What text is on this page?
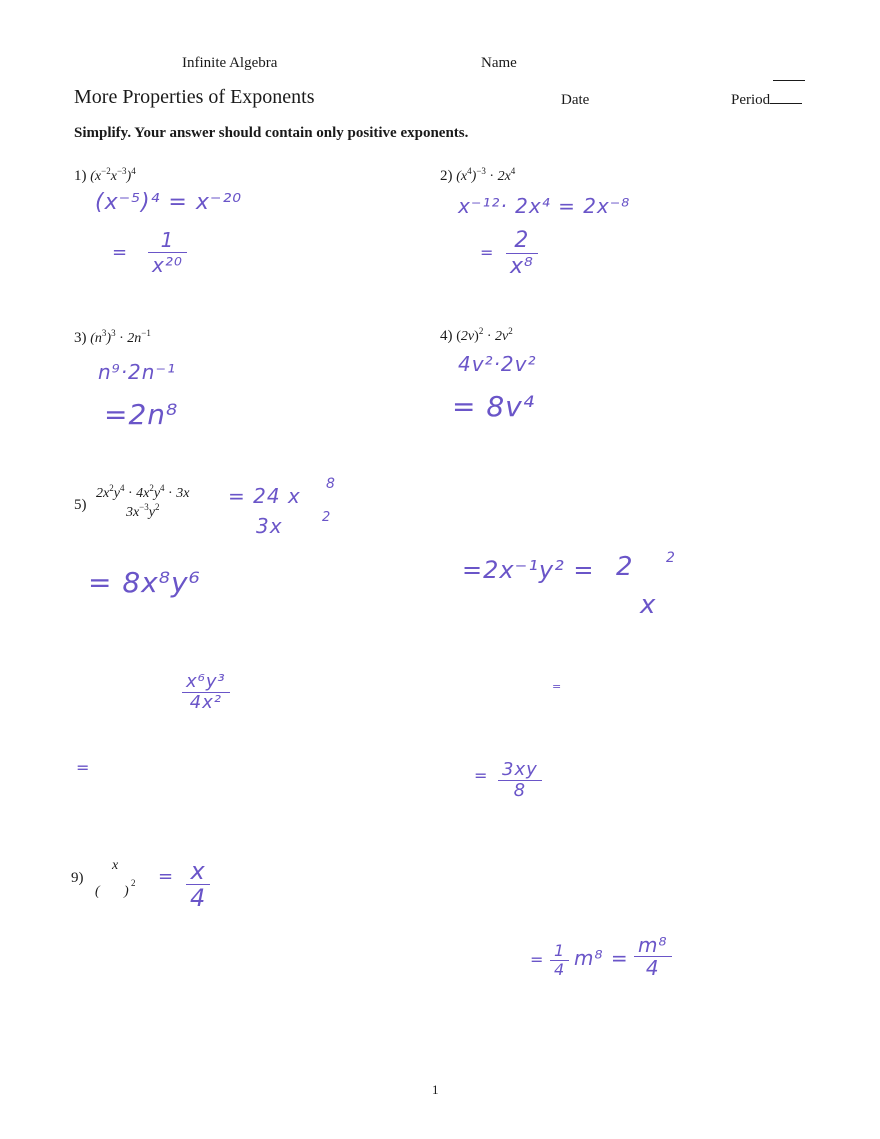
Infinite Algebra	Name
More Properties of Exponents	Date	Period
Simplify. Your answer should contain only positive exponents.
1) $(x^{-2}x^{-3})^4$
(x⁻⁵)⁴ = x⁻²⁰
= $\frac{1}{\text{x²⁰}}$
2) $(x^4)^{-3} \cdot 2x^4$
x⁻¹²· 2x⁴ = 2x⁻⁸
= $\frac{2}{\text{x⁸}}$
3) $(n^3)^3 \cdot 2n^{-1}$
n⁹·2n⁻¹
=2n⁸
4) $(2v)^2 \cdot 2v^2$
4v²·2v²
= 8v⁴
5)
$2x^2y^4 \cdot 4x^2y^4 \cdot 3x$
$3x^{-3}y^2$	= 24 x 8
3x	2
= 8x⁸y⁶	=2x⁻¹y² = 2 2
x
$\frac{\text{x⁶y³}}{\text{4x²}}$
=
=
= $\frac{3xy}{8}$
9)
x
( )
$2 = \frac{x}{4}$
= $\frac{1}{4} m^8 = \frac{\text{m⁸}}{4}$
1
